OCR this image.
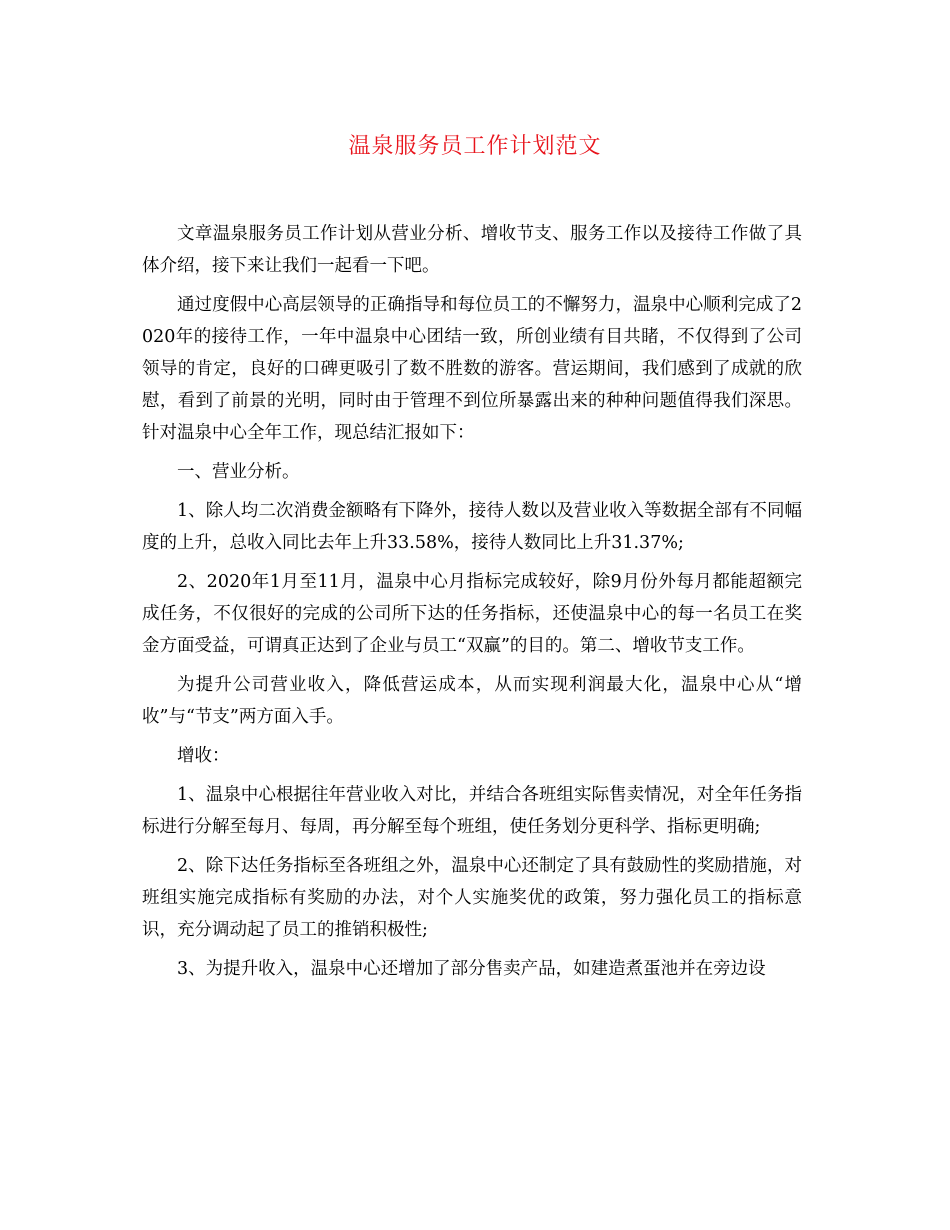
温泉服务员工作计划范文

文章温泉服务员工作计划从营业分析、增收节支、服务工作以及接待工作做了具体介绍，接下来让我们一起看一下吧。

通过度假中心高层领导的正确指导和每位员工的不懈努力，温泉中心顺利完成了2020年的接待工作，一年中温泉中心团结一致，所创业绩有目共睹，不仅得到了公司领导的肯定，良好的口碑更吸引了数不胜数的游客。营运期间，我们感到了成就的欣慰，看到了前景的光明，同时由于管理不到位所暴露出来的种种问题值得我们深思。针对温泉中心全年工作，现总结汇报如下：

一、营业分析。

1、除人均二次消费金额略有下降外，接待人数以及营业收入等数据全部有不同幅度的上升，总收入同比去年上升33.58%，接待人数同比上升31.37%;

2、2020年1月至11月，温泉中心月指标完成较好，除9月份外每月都能超额完成任务，不仅很好的完成的公司所下达的任务指标，还使温泉中心的每一名员工在奖金方面受益，可谓真正达到了企业与员工“双赢”的目的。第二、增收节支工作。

为提升公司营业收入，降低营运成本，从而实现利润最大化，温泉中心从“增收”与“节支”两方面入手。

增收：

1、温泉中心根据往年营业收入对比，并结合各班组实际售卖情况，对全年任务指标进行分解至每月、每周，再分解至每个班组，使任务划分更科学、指标更明确;

2、除下达任务指标至各班组之外，温泉中心还制定了具有鼓励性的奖励措施，对班组实施完成指标有奖励的办法，对个人实施奖优的政策，努力强化员工的指标意识，充分调动起了员工的推销积极性;

3、为提升收入，温泉中心还增加了部分售卖产品，如建造煮蛋池并在旁边设
